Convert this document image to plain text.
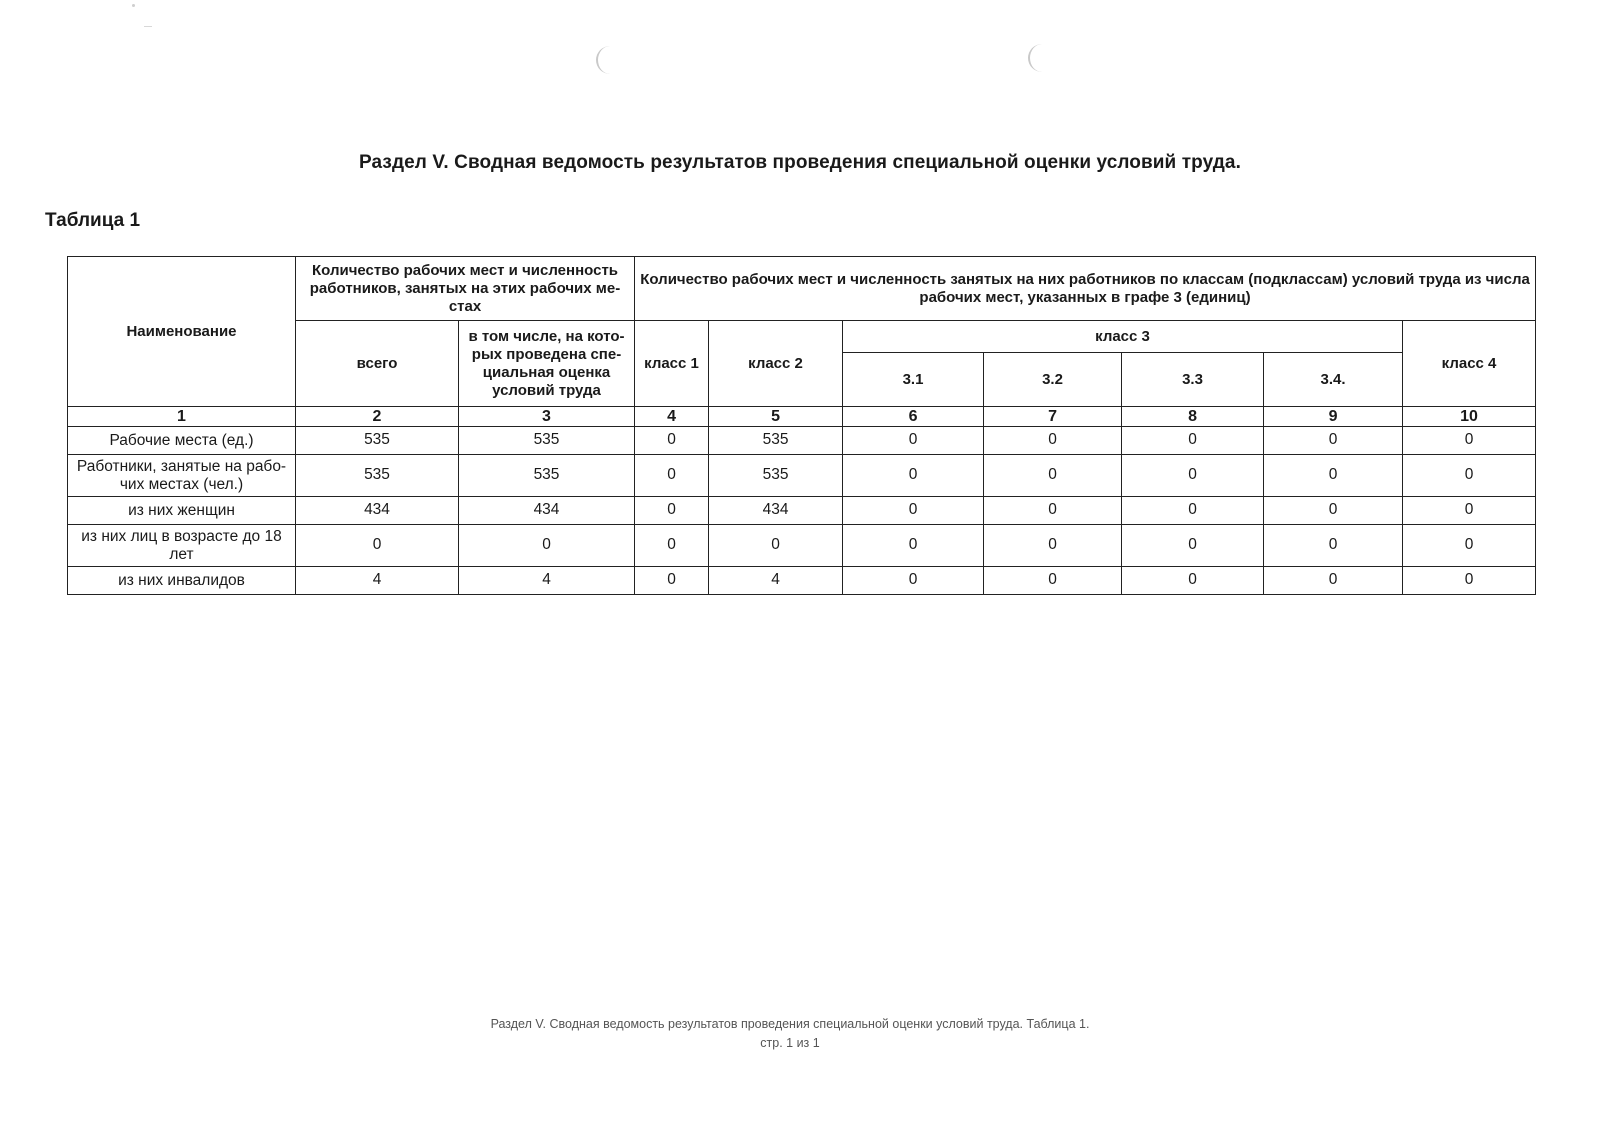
Раздел V. Сводная ведомость результатов проведения специальной оценки условий труда.
Таблица 1
Наименование	Количество рабочих мест и численность работников, занятых на этих рабочих ме-стах		Количество рабочих мест и численность занятых на них работников по классам (подклассам) условий труда из числа рабочих мест, указанных в графе 3 (единиц)						
	всего	в том числе, на кото-рых проведена спе-циальная оценка условий труда	класс 1	класс 2	класс 3				класс 4
					3.1	3.2	3.3	3.4.	
1	2	3	4	5	6	7	8	9	10
Рабочие места (ед.)	535	535	0	535	0	0	0	0	0
Работники, занятые на рабо-чих местах (чел.)	535	535	0	535	0	0	0	0	0
из них женщин	434	434	0	434	0	0	0	0	0
из них лиц в возрасте до 18 лет	0	0	0	0	0	0	0	0	0
из них инвалидов	4	4	0	4	0	0	0	0	0
Раздел V. Сводная ведомость результатов проведения специальной оценки условий труда. Таблица 1.
стр. 1 из 1
